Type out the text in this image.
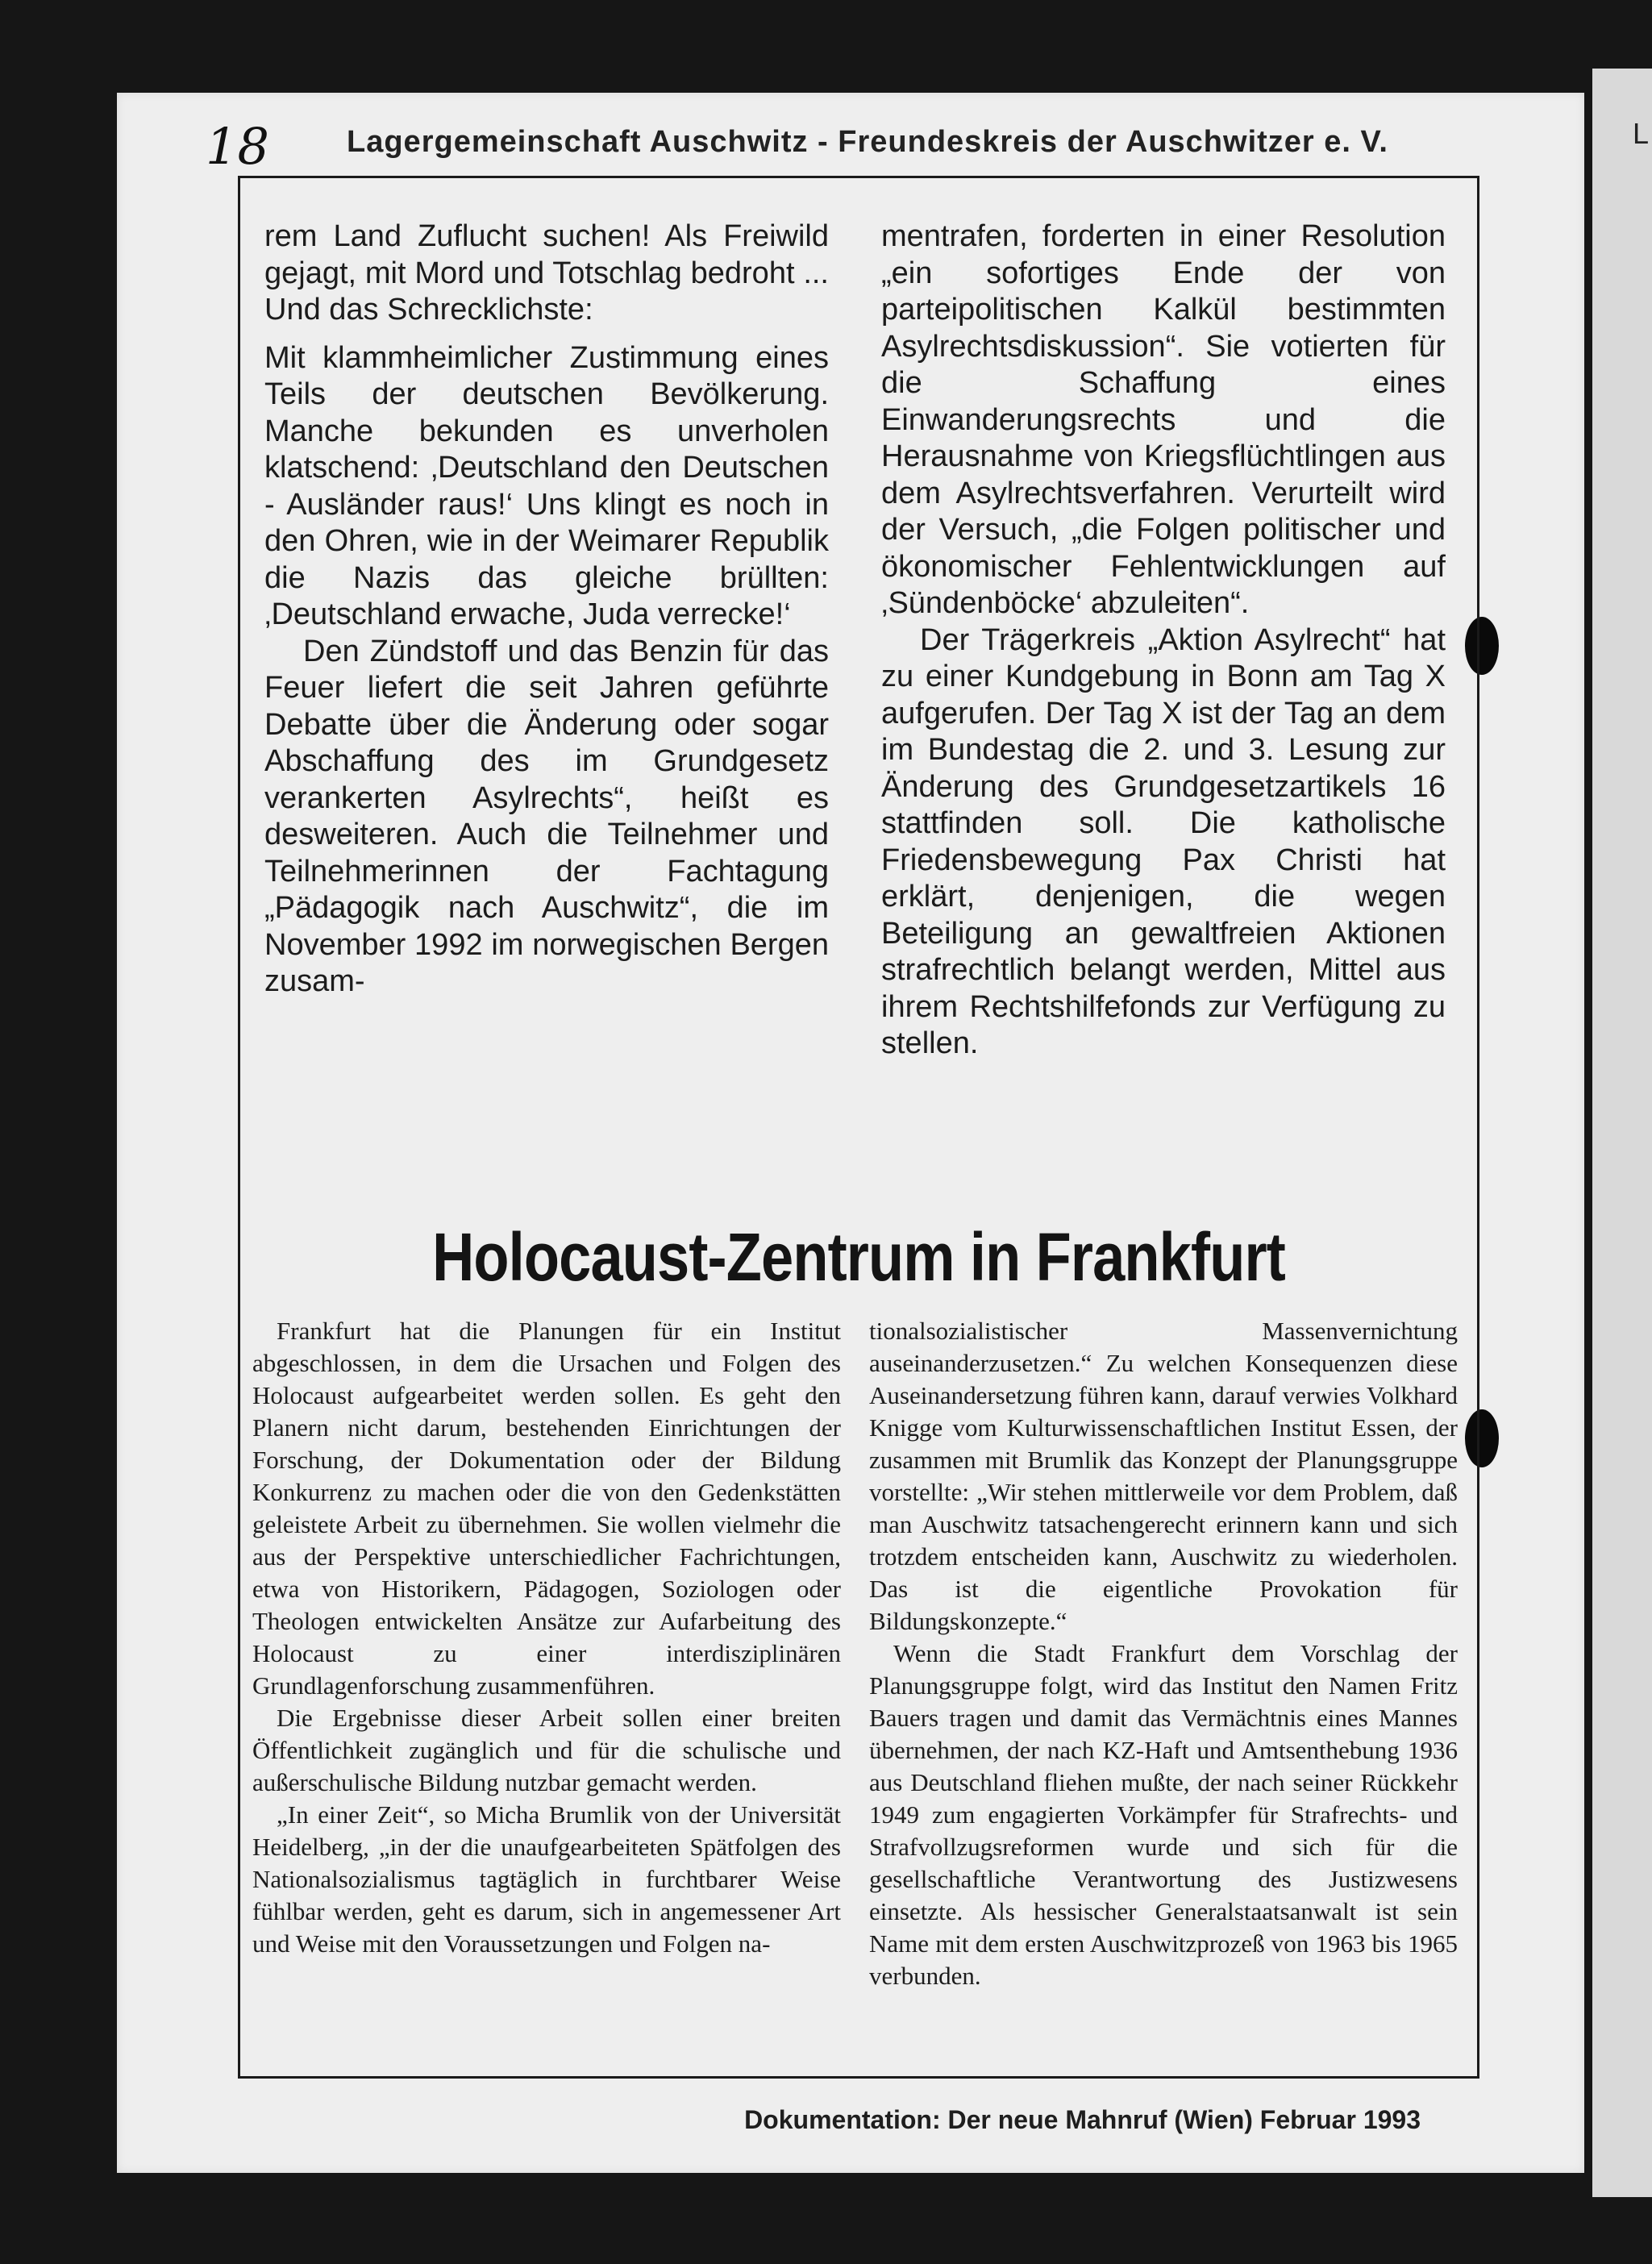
L
18	Lagergemeinschaft Auschwitz - Freundeskreis der Auschwitzer e. V.

rem Land Zuflucht suchen! Als Freiwild gejagt, mit Mord und Totschlag bedroht ... Und das Schrecklichste:

Mit klammheimlicher Zustimmung eines Teils der deutschen Bevölkerung. Manche bekunden es unverholen klatschend: ‚Deutschland den Deutschen - Ausländer raus!‘ Uns klingt es noch in den Ohren, wie in der Weimarer Republik die Nazis das gleiche brüllten: ‚Deutschland erwache, Juda verrecke!‘

Den Zündstoff und das Benzin für das Feuer liefert die seit Jahren geführte Debatte über die Änderung oder sogar Abschaffung des im Grundgesetz verankerten Asylrechts“, heißt es desweiteren. Auch die Teilnehmer und Teilnehmerinnen der Fachtagung „Pädagogik nach Auschwitz“, die im November 1992 im norwegischen Bergen zusam-

mentrafen, forderten in einer Resolution „ein sofortiges Ende der von parteipolitischen Kalkül bestimmten Asylrechtsdiskussion“. Sie votierten für die Schaffung eines Einwanderungsrechts und die Herausnahme von Kriegsflüchtlingen aus dem Asylrechtsverfahren. Verurteilt wird der Versuch, „die Folgen politischer und ökonomischer Fehlentwicklungen auf ‚Sündenböcke‘ abzuleiten“.

Der Trägerkreis „Aktion Asylrecht“ hat zu einer Kundgebung in Bonn am Tag X aufgerufen. Der Tag X ist der Tag an dem im Bundestag die 2. und 3. Lesung zur Änderung des Grundgesetzartikels 16 stattfinden soll. Die katholische Friedensbewegung Pax Christi hat erklärt, denjenigen, die wegen Beteiligung an gewaltfreien Aktionen strafrechtlich belangt werden, Mittel aus ihrem Rechtshilfefonds zur Verfügung zu stellen.

Holocaust-Zentrum in Frankfurt

Frankfurt hat die Planungen für ein Institut abgeschlossen, in dem die Ursachen und Folgen des Holocaust aufgearbeitet werden sollen. Es geht den Planern nicht darum, bestehenden Einrichtungen der Forschung, der Dokumentation oder der Bildung Konkurrenz zu machen oder die von den Gedenkstätten geleistete Arbeit zu übernehmen. Sie wollen vielmehr die aus der Perspektive unterschiedlicher Fachrichtungen, etwa von Historikern, Pädagogen, Soziologen oder Theologen entwickelten Ansätze zur Aufarbeitung des Holocaust zu einer interdisziplinären Grundlagenforschung zusammenführen.

Die Ergebnisse dieser Arbeit sollen einer breiten Öffentlichkeit zugänglich und für die schulische und außerschulische Bildung nutzbar gemacht werden.

„In einer Zeit“, so Micha Brumlik von der Universität Heidelberg, „in der die unaufgearbeiteten Spätfolgen des Nationalsozialismus tagtäglich in furchtbarer Weise fühlbar werden, geht es darum, sich in angemessener Art und Weise mit den Voraussetzungen und Folgen na-

tionalsozialistischer Massenvernichtung auseinanderzusetzen.“ Zu welchen Konsequenzen diese Auseinandersetzung führen kann, darauf verwies Volkhard Knigge vom Kulturwissenschaftlichen Institut Essen, der zusammen mit Brumlik das Konzept der Planungsgruppe vorstellte: „Wir stehen mittlerweile vor dem Problem, daß man Auschwitz tatsachengerecht erinnern kann und sich trotzdem entscheiden kann, Auschwitz zu wiederholen. Das ist die eigentliche Provokation für Bildungskonzepte.“

Wenn die Stadt Frankfurt dem Vorschlag der Planungsgruppe folgt, wird das Institut den Namen Fritz Bauers tragen und damit das Vermächtnis eines Mannes übernehmen, der nach KZ-Haft und Amtsenthebung 1936 aus Deutschland fliehen mußte, der nach seiner Rückkehr 1949 zum engagierten Vorkämpfer für Strafrechts- und Strafvollzugsreformen wurde und sich für die gesellschaftliche Verantwortung des Justizwesens einsetzte. Als hessischer Generalstaatsanwalt ist sein Name mit dem ersten Auschwitzprozeß von 1963 bis 1965 verbunden.

Dokumentation: Der neue Mahnruf (Wien) Februar 1993
